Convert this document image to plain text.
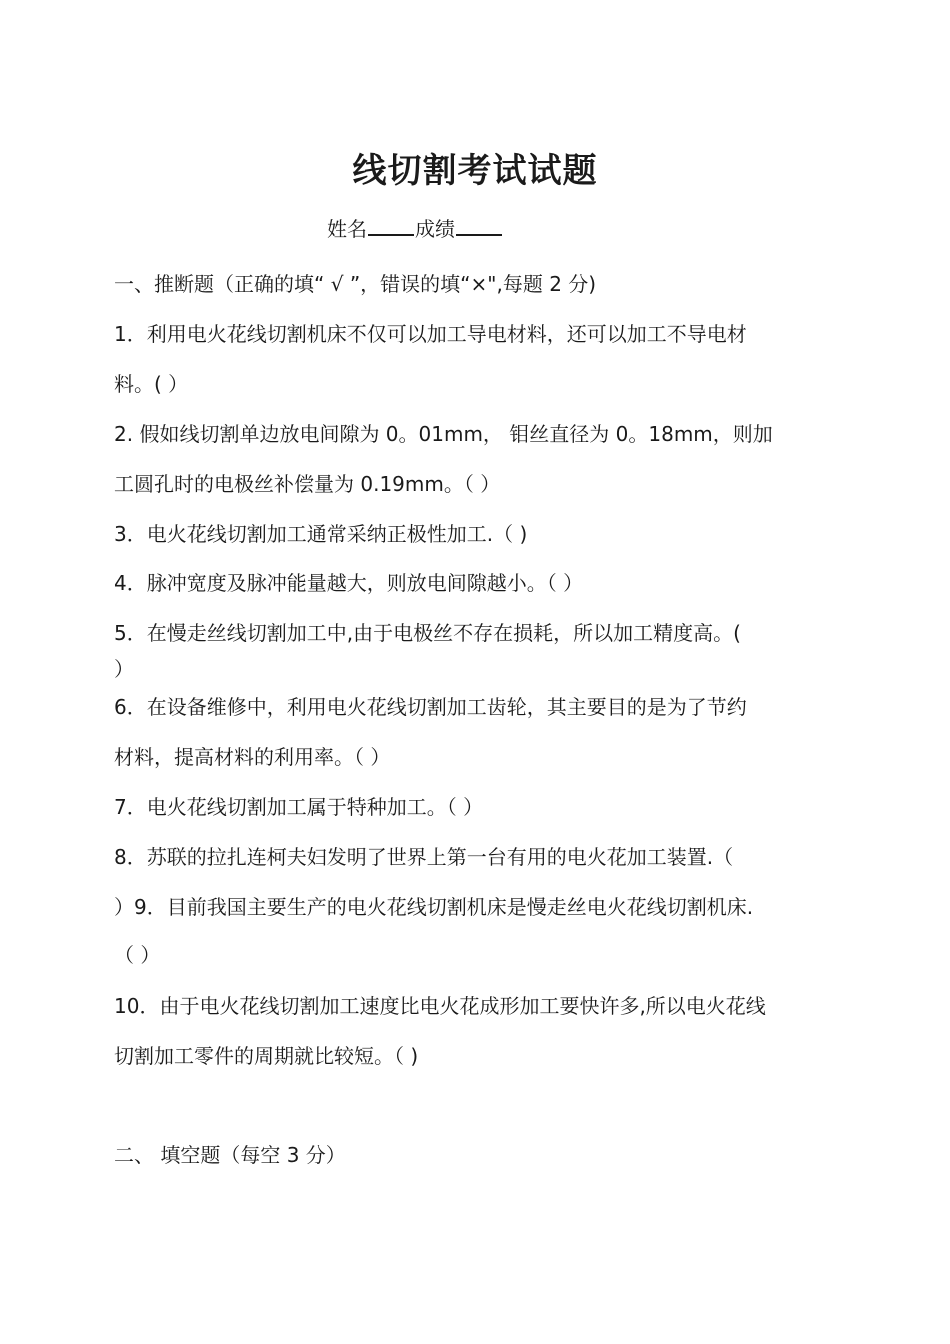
线切割考试试题
姓名 成绩
一、推断题（正确的填“ √ ”，错误的填“×",每题 2 分)
1．利用电火花线切割机床不仅可以加工导电材料，还可以加工不导电材
料。( ）
2. 假如线切割单边放电间隙为 0。01mm， 钼丝直径为 0。18mm，则加
工圆孔时的电极丝补偿量为 0.19mm。（ ）
3．电火花线切割加工通常采纳正极性加工.（ )
4．脉冲宽度及脉冲能量越大，则放电间隙越小。（ ）
5．在慢走丝线切割加工中,由于电极丝不存在损耗，所以加工精度高。(
）
6．在设备维修中，利用电火花线切割加工齿轮，其主要目的是为了节约
材料，提高材料的利用率。（ ）
7．电火花线切割加工属于特种加工。（ ）
8．苏联的拉扎连柯夫妇发明了世界上第一台有用的电火花加工装置.（
）9．目前我国主要生产的电火花线切割机床是慢走丝电火花线切割机床.
（ ）
10．由于电火花线切割加工速度比电火花成形加工要快许多,所以电火花线
切割加工零件的周期就比较短。（ )
二、 填空题（每空 3 分）
